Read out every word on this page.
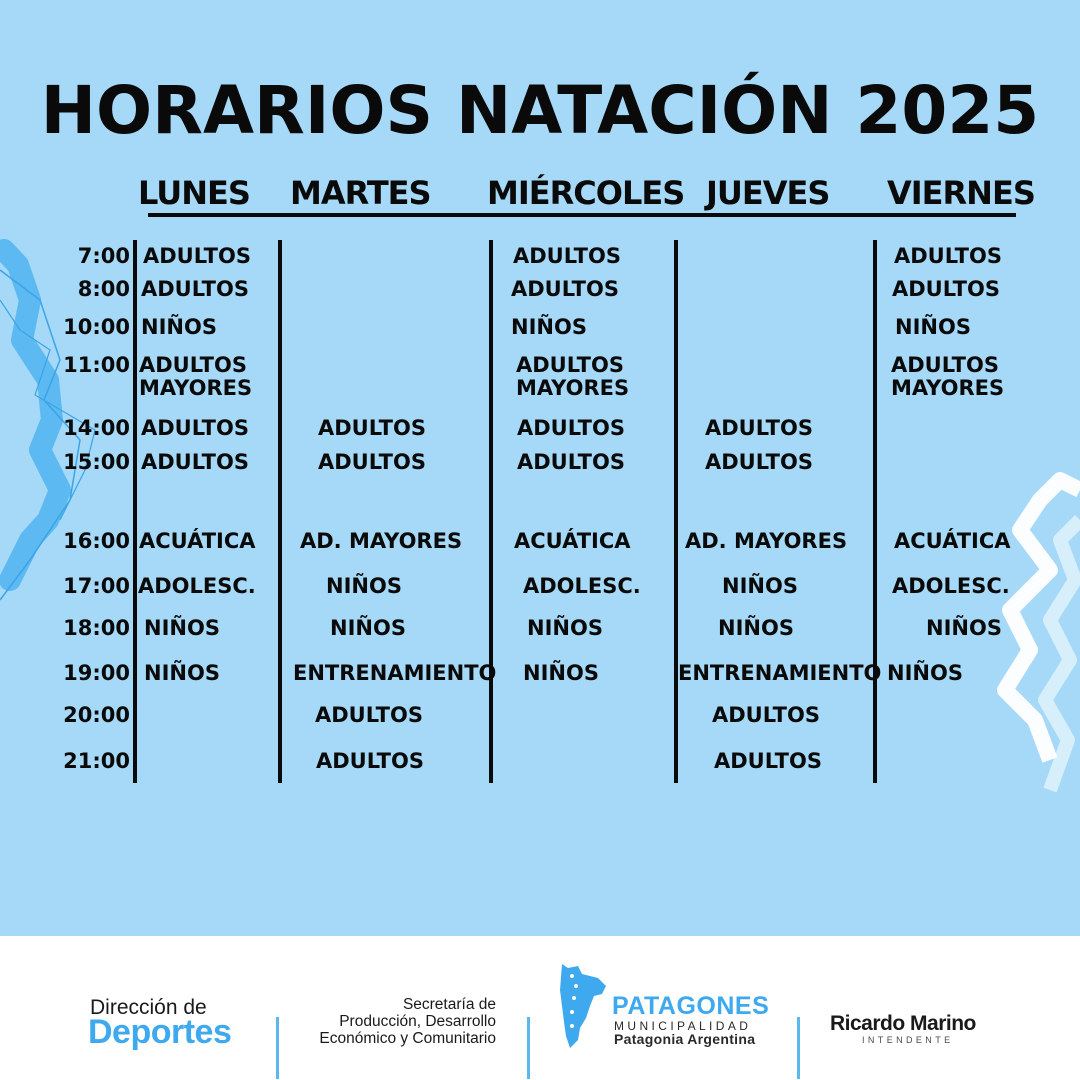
HORARIOS NATACIÓN 2025
LUNES MARTES MIÉRCOLES JUEVES VIERNES
7:00
8:00
10:00
11:00
14:00
15:00
16:00
17:00
18:00
19:00
20:00
21:00
ADULTOS
ADULTOS
NIÑOS
ADULTOS
MAYORES
ADULTOS
ADULTOS
ACUÁTICA
ADOLESC.
NIÑOS
NIÑOS
ADULTOS
ADULTOS
AD. MAYORES
NIÑOS
NIÑOS
ENTRENAMIENTO
ADULTOS
ADULTOS
ADULTOS
ADULTOS
NIÑOS
ADULTOS
MAYORES
ADULTOS
ADULTOS
ACUÁTICA
ADOLESC.
NIÑOS
NIÑOS
ADULTOS
ADULTOS
AD. MAYORES
NIÑOS
NIÑOS
ENTRENAMIENTO
ADULTOS
ADULTOS
ADULTOS
ADULTOS
NIÑOS
ADULTOS
MAYORES
ACUÁTICA
ADOLESC.
NIÑOS
NIÑOS
Dirección de
Deportes
Secretaría de
Producción, Desarrollo
Económico y Comunitario
PATAGONES
MUNICIPALIDAD
Patagonia Argentina
Ricardo Marino
INTENDENTE
